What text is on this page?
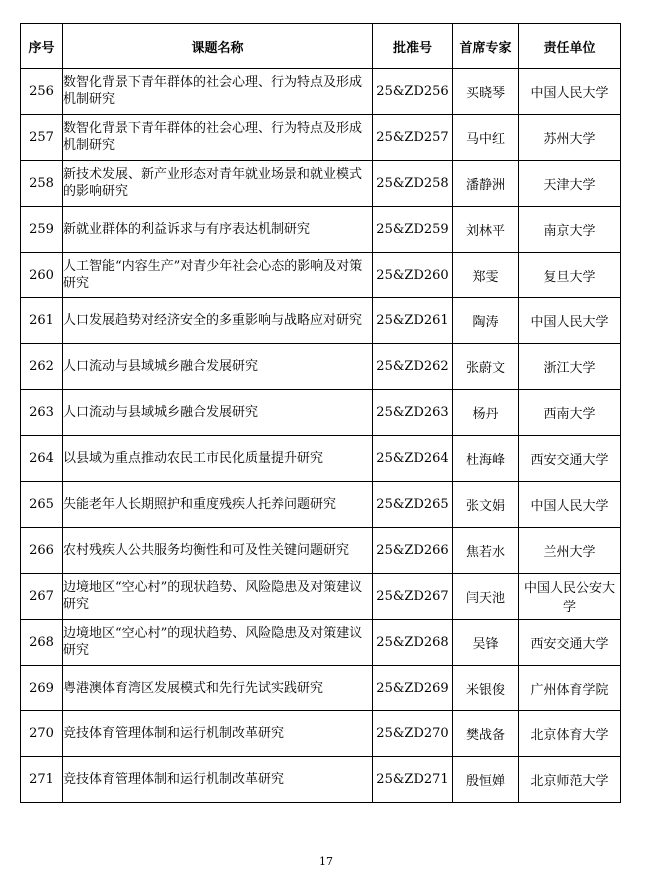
序号	课题名称	批准号	首席专家	责任单位
256	数智化背景下青年群体的社会心理、行为特点及形成机制研究	25&ZD256	买晓琴	中国人民大学
257	数智化背景下青年群体的社会心理、行为特点及形成机制研究	25&ZD257	马中红	苏州大学
258	新技术发展、新产业形态对青年就业场景和就业模式的影响研究	25&ZD258	潘静洲	天津大学
259	新就业群体的利益诉求与有序表达机制研究	25&ZD259	刘林平	南京大学
260	人工智能“内容生产”对青少年社会心态的影响及对策研究	25&ZD260	郑雯	复旦大学
261	人口发展趋势对经济安全的多重影响与战略应对研究	25&ZD261	陶涛	中国人民大学
262	人口流动与县域城乡融合发展研究	25&ZD262	张蔚文	浙江大学
263	人口流动与县域城乡融合发展研究	25&ZD263	杨丹	西南大学
264	以县域为重点推动农民工市民化质量提升研究	25&ZD264	杜海峰	西安交通大学
265	失能老年人长期照护和重度残疾人托养问题研究	25&ZD265	张文娟	中国人民大学
266	农村残疾人公共服务均衡性和可及性关键问题研究	25&ZD266	焦若水	兰州大学
267	边境地区“空心村”的现状趋势、风险隐患及对策建议研究	25&ZD267	闫天池	中国人民公安大学
268	边境地区“空心村”的现状趋势、风险隐患及对策建议研究	25&ZD268	吴锋	西安交通大学
269	粤港澳体育湾区发展模式和先行先试实践研究	25&ZD269	米银俊	广州体育学院
270	竞技体育管理体制和运行机制改革研究	25&ZD270	樊战备	北京体育大学
271	竞技体育管理体制和运行机制改革研究	25&ZD271	殷恒婵	北京师范大学
17
